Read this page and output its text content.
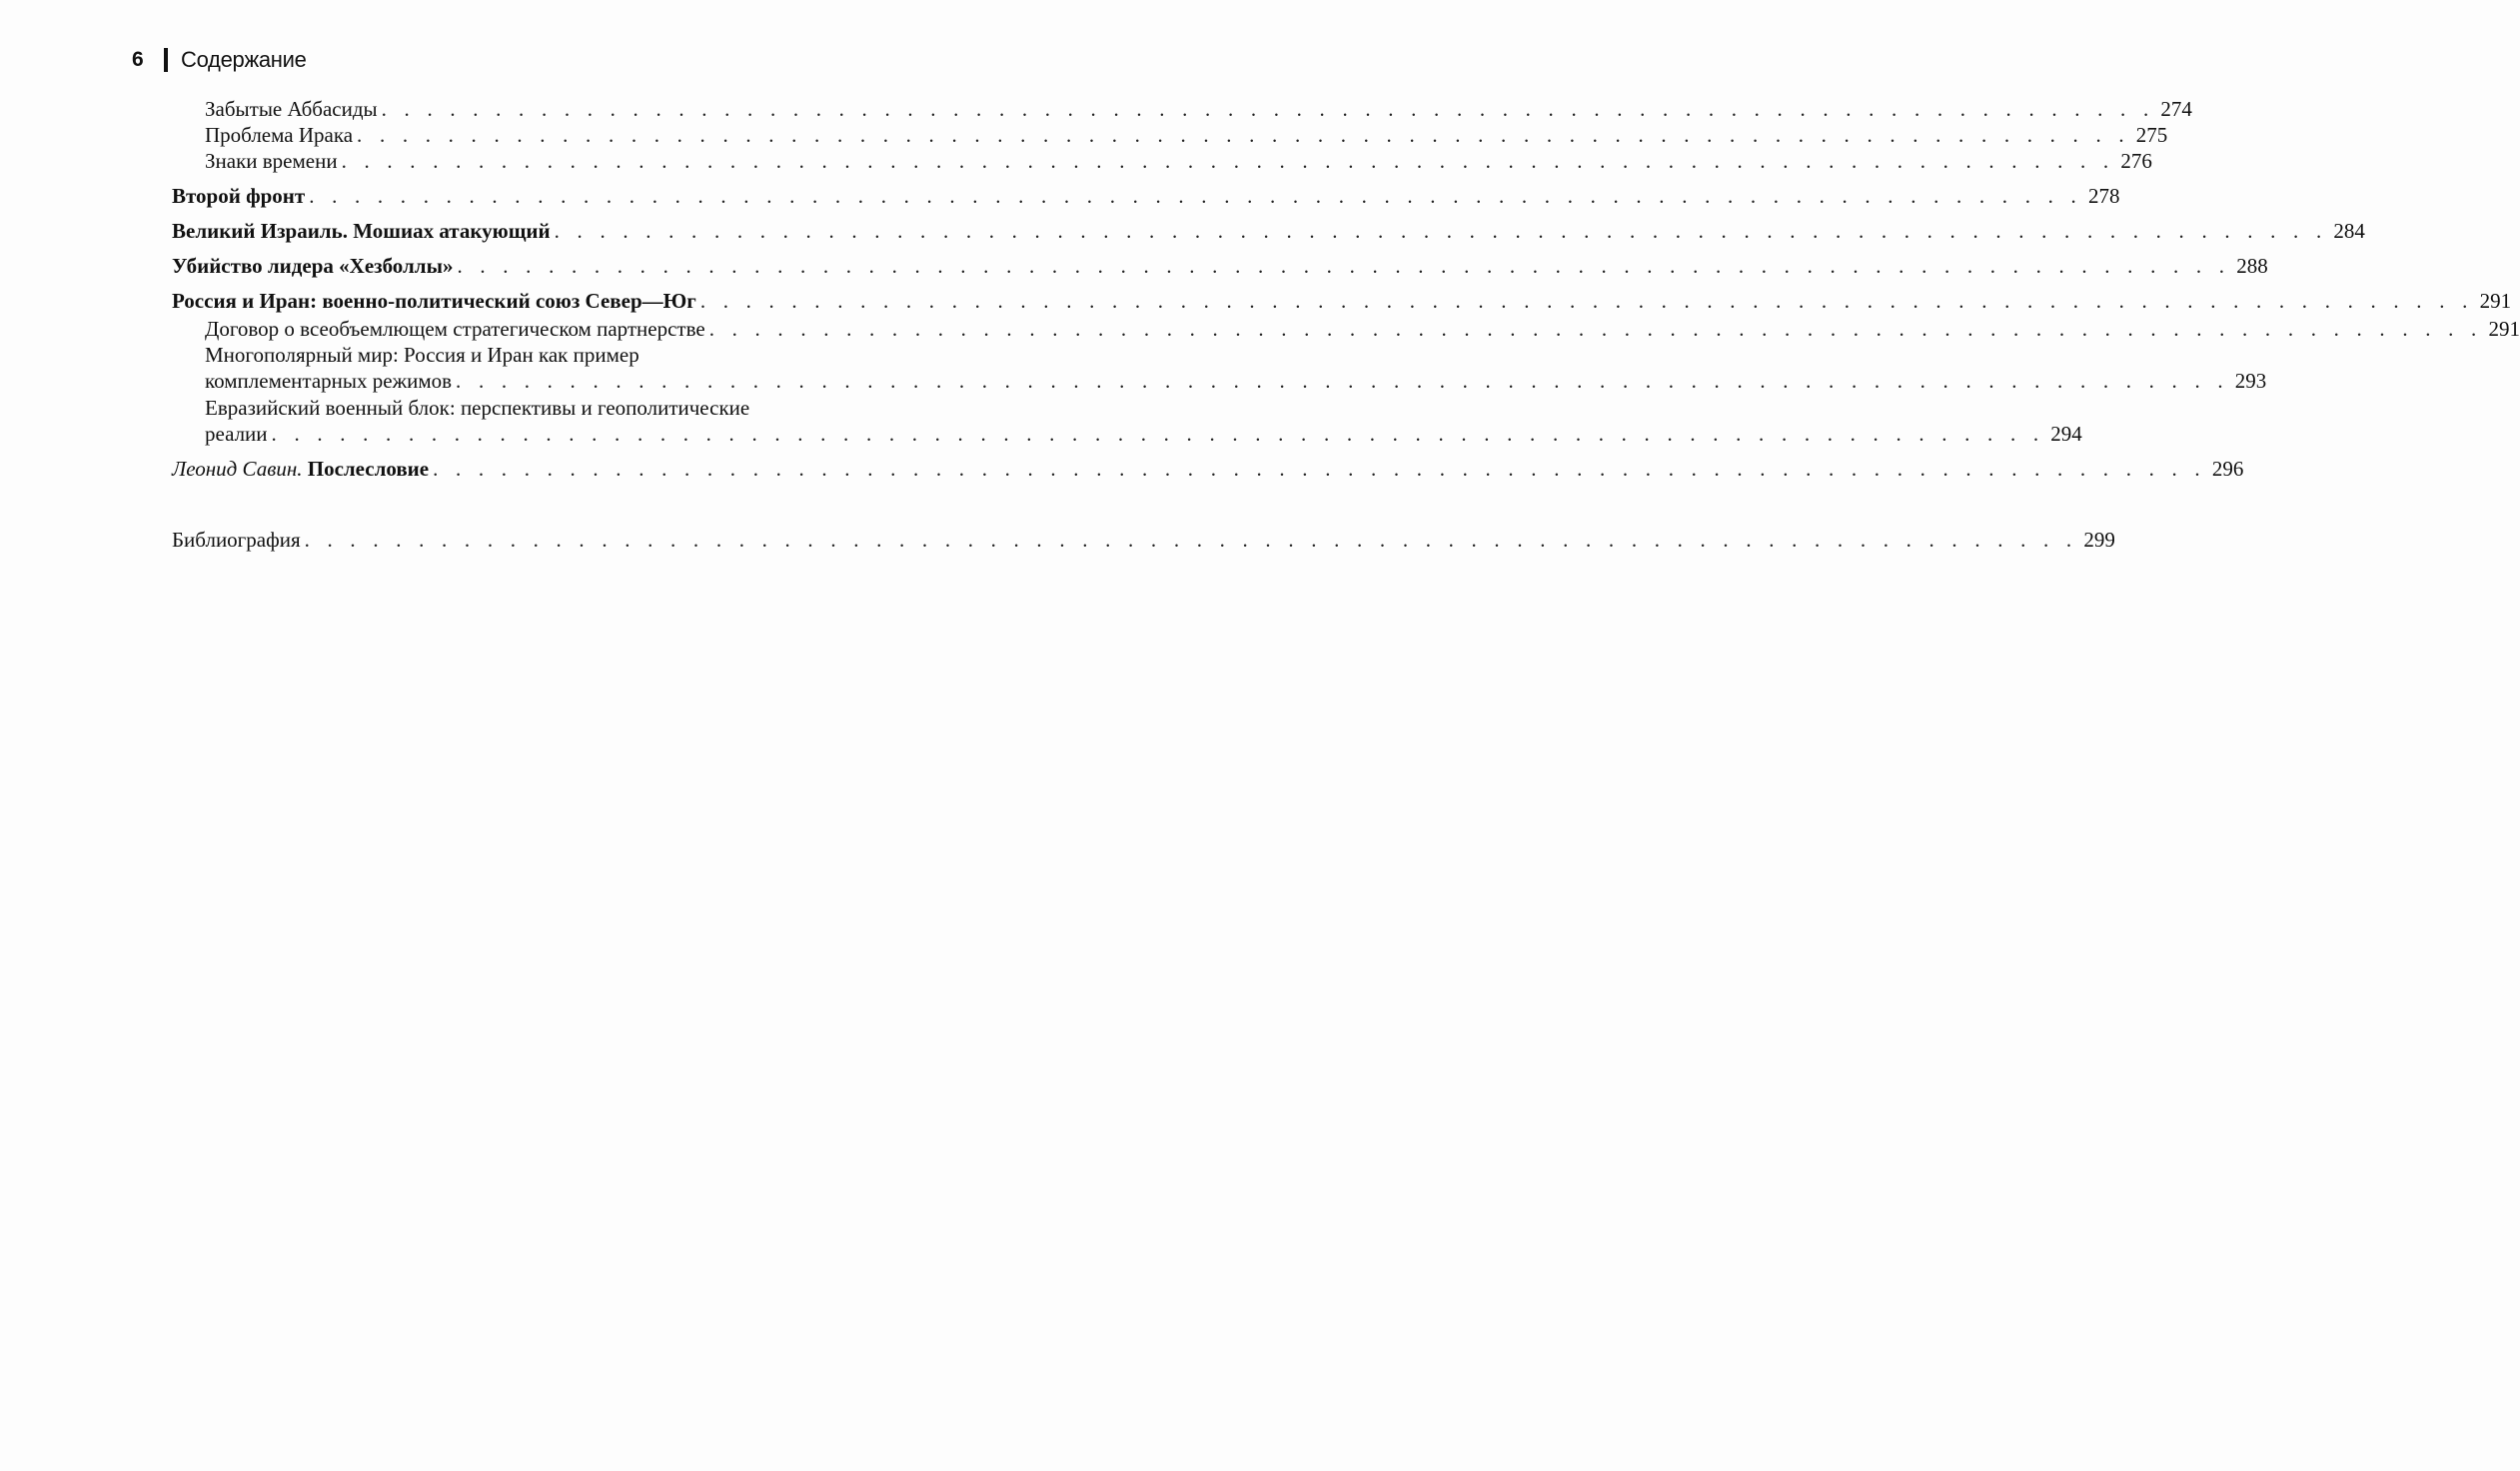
6	Содержание
Забытые Аббасиды . . . . . . . . . . . . . . . . . . . . . . . . . . . . . . . . . . . . . . . . . . . . . . . . . . . . . . . . . . . . . . . . . . . . . . . . . . . . . . 274
Проблема Ирака . . . . . . . . . . . . . . . . . . . . . . . . . . . . . . . . . . . . . . . . . . . . . . . . . . . . . . . . . . . . . . . . . . . . . . . . . . . . . . 275
Знаки времени . . . . . . . . . . . . . . . . . . . . . . . . . . . . . . . . . . . . . . . . . . . . . . . . . . . . . . . . . . . . . . . . . . . . . . . . . . . . . . 276
Второй фронт . . . . . . . . . . . . . . . . . . . . . . . . . . . . . . . . . . . . . . . . . . . . . . . . . . . . . . . . . . . . . . . . . . . . . . . . . . . . . . 278
Великий Израиль. Мошиах атакующий . . . . . . . . . . . . . . . . . . . . . . . . . . . . . . . . . . . . . . . . . . . . . . . . . . . . . . . . . . . . . . . . . . . . . . . . . . . . . . 284
Убийство лидера «Хезболлы» . . . . . . . . . . . . . . . . . . . . . . . . . . . . . . . . . . . . . . . . . . . . . . . . . . . . . . . . . . . . . . . . . . . . . . . . . . . . . . 288
Россия и Иран: военно-политический союз Север—Юг . . . . . . . . . . . . . . . . . . . . . . . . . . . . . . . . . . . . . . . . . . . . . . . . . . . . . . . . . . . . . . . . . . . . . . . . . . . . . . 291
Договор о всеобъемлющем стратегическом партнерстве . . . . . . . . . . . . . . . . . . . . . . . . . . . . . . . . . . . . . . . . . . . . . . . . . . . . . . . . . . . . . . . . . . . . . . . . . . . . . . 291
Многополярный мир: Россия и Иран как пример
комплементарных режимов . . . . . . . . . . . . . . . . . . . . . . . . . . . . . . . . . . . . . . . . . . . . . . . . . . . . . . . . . . . . . . . . . . . . . . . . . . . . . . 293
Евразийский военный блок: перспективы и геополитические
реалии . . . . . . . . . . . . . . . . . . . . . . . . . . . . . . . . . . . . . . . . . . . . . . . . . . . . . . . . . . . . . . . . . . . . . . . . . . . . . . 294
Леонид Савин. Послесловие . . . . . . . . . . . . . . . . . . . . . . . . . . . . . . . . . . . . . . . . . . . . . . . . . . . . . . . . . . . . . . . . . . . . . . . . . . . . . . 296
Библиография . . . . . . . . . . . . . . . . . . . . . . . . . . . . . . . . . . . . . . . . . . . . . . . . . . . . . . . . . . . . . . . . . . . . . . . . . . . . . . 299
